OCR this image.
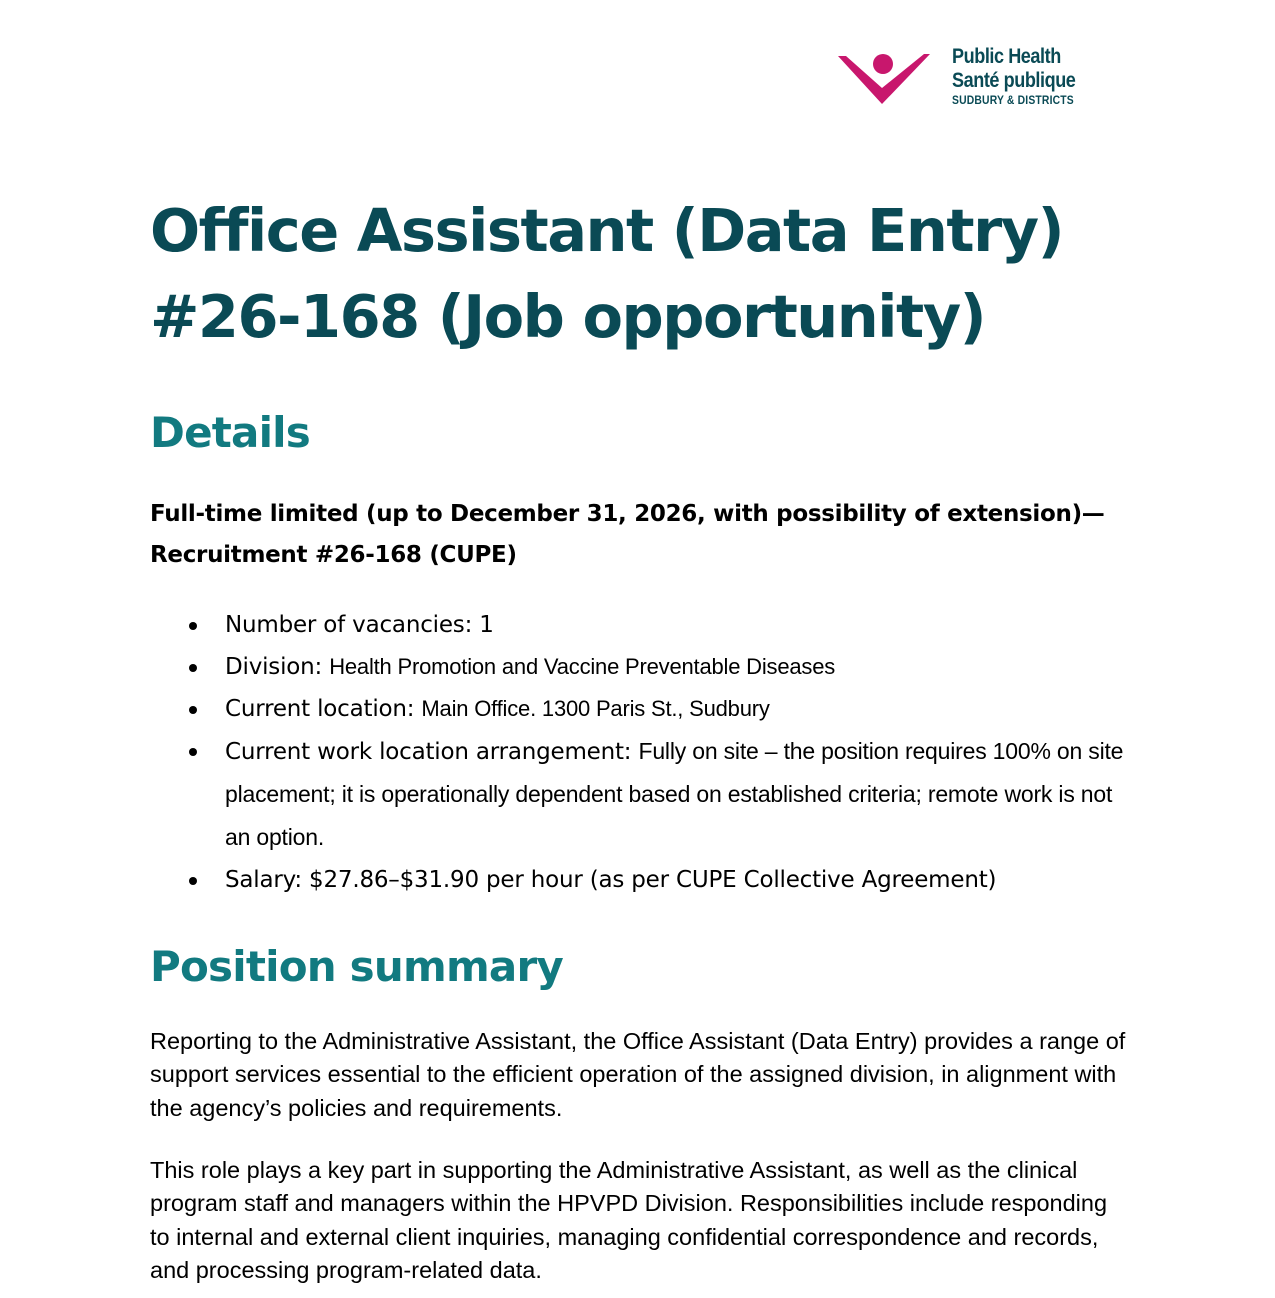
Public Health
Santé publique
SUDBURY & DISTRICTS
Office Assistant (Data Entry)
#26-168 (Job opportunity)
Details

Full-time limited (up to December 31, 2026, with possibility of extension)—
Recruitment #26-168 (CUPE)

Number of vacancies: 1
Division: Health Promotion and Vaccine Preventable Diseases
Current location: Main Office. 1300 Paris St., Sudbury
Current work location arrangement: Fully on site – the position requires 100% on site placement; it is operationally dependent based on established criteria; remote work is not an option.
Salary: $27.86–$31.90 per hour (as per CUPE Collective Agreement)
Position summary

Reporting to the Administrative Assistant, the Office Assistant (Data Entry) provides a range of support services essential to the efficient operation of the assigned division, in alignment with the agency’s policies and requirements.

This role plays a key part in supporting the Administrative Assistant, as well as the clinical program staff and managers within the HPVPD Division. Responsibilities include responding to internal and external client inquiries, managing confidential correspondence and records, and processing program-related data.
